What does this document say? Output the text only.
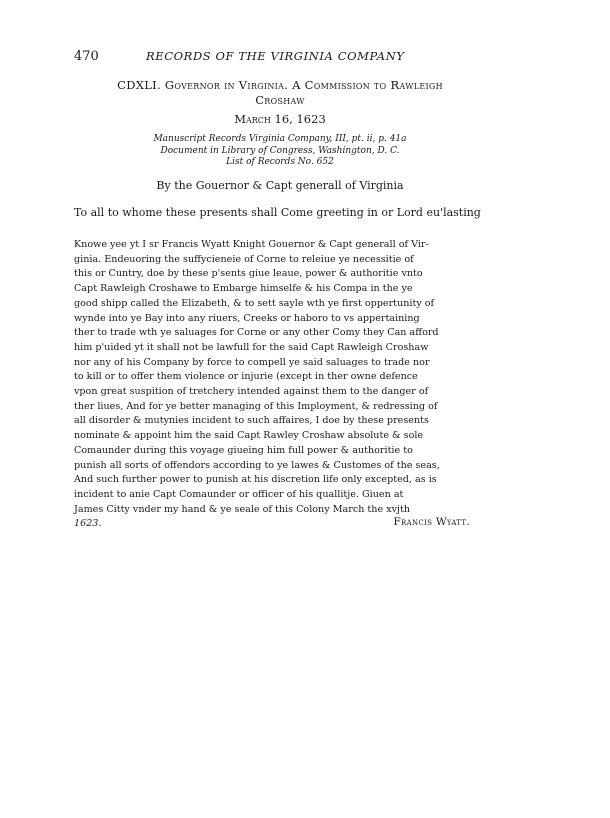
470	RECORDS OF THE VIRGINIA COMPANY
CDXLI. Governor in Virginia. A Commission to Rawleigh
Croshaw
March 16, 1623
Manuscript Records Virginia Company, III, pt. ii, p. 41a
Document in Library of Congress, Washington, D. C.
List of Records No. 652
By the Gouernor & Capt generall of Virginia
To all to whome these presents shall Come greeting in or Lord eu'lasting
Knowe yee yt I sr Francis Wyatt Knight Gouernor & Capt generall of Vir-
ginia. Endeuoring the suffycieneie of Corne to releiue ye necessitie of
this or Cuntry, doe by these p'sents giue leaue, power & authoritie vnto
Capt Rawleigh Croshawe to Embarge himselfe & his Compa in the ye
good shipp called the Elizabeth, & to sett sayle wth ye first oppertunity of
wynde into ye Bay into any riuers, Creeks or haboro to vs appertaining
ther to trade wth ye saluages for Corne or any other Comy they Can afford
him p'uided yt it shall not be lawfull for the said Capt Rawleigh Croshaw
nor any of his Company by force to compell ye said saluages to trade nor
to kill or to offer them violence or injurie (except in ther owne defence
vpon great suspition of tretchery intended against them to the danger of
ther liues, And for ye better managing of this Imployment, & redressing of
all disorder & mutynies incident to such affaires, I doe by these presents
nominate & appoint him the said Capt Rawley Croshaw absolute & sole
Comaunder during this voyage giueing him full power & authoritie to
punish all sorts of offendors according to ye lawes & Customes of the seas,
And such further power to punish at his discretion life only excepted, as is
incident to anie Capt Comaunder or officer of his quallitje. Giuen at
James Citty vnder my hand & ye seale of this Colony March the xvjth
1623.	Francis Wyatt.
